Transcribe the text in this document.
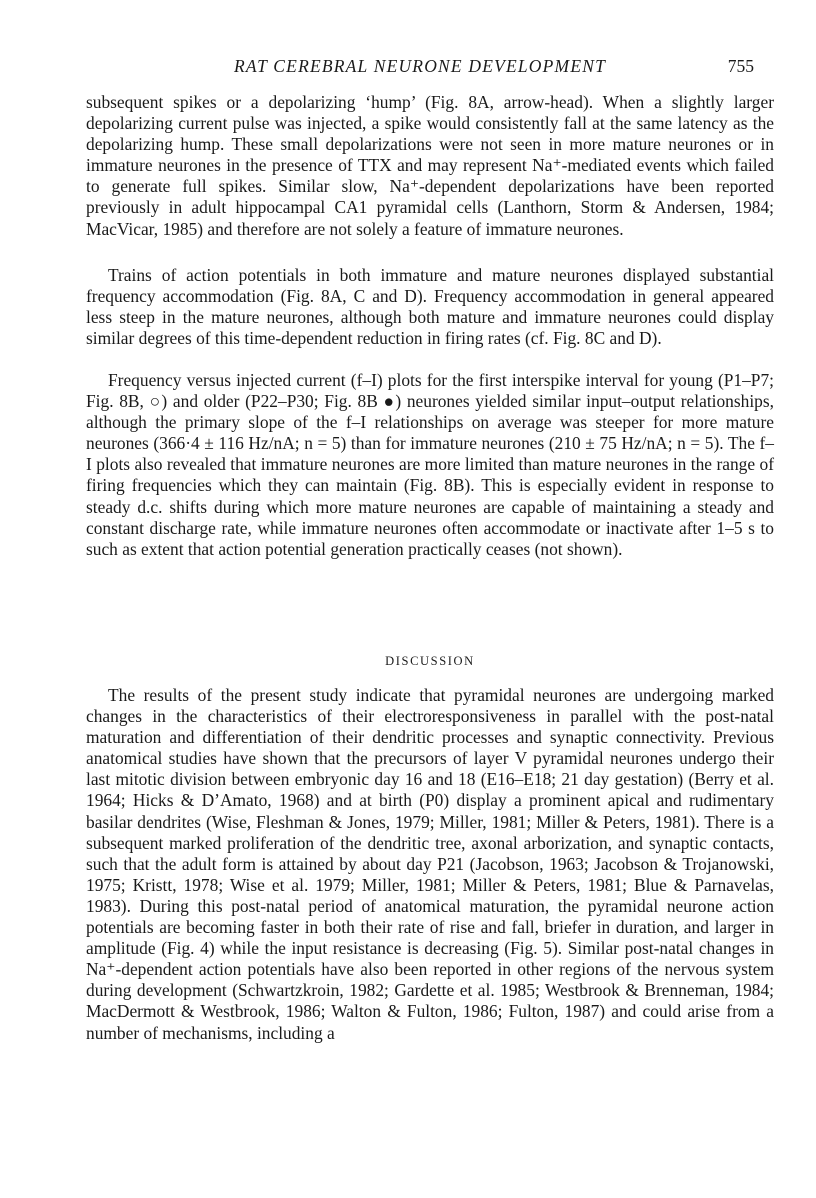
RAT CEREBRAL NEURONE DEVELOPMENT	755

subsequent spikes or a depolarizing ‘hump’ (Fig. 8A, arrow-head). When a slightly larger depolarizing current pulse was injected, a spike would consistently fall at the same latency as the depolarizing hump. These small depolarizations were not seen in more mature neurones or in immature neurones in the presence of TTX and may represent Na⁺-mediated events which failed to generate full spikes. Similar slow, Na⁺-dependent depolarizations have been reported previously in adult hippocampal CA1 pyramidal cells (Lanthorn, Storm & Andersen, 1984; MacVicar, 1985) and therefore are not solely a feature of immature neurones.

Trains of action potentials in both immature and mature neurones displayed substantial frequency accommodation (Fig. 8A, C and D). Frequency accommodation in general appeared less steep in the mature neurones, although both mature and immature neurones could display similar degrees of this time-dependent reduction in firing rates (cf. Fig. 8C and D).

Frequency versus injected current (f–I) plots for the first interspike interval for young (P1–P7; Fig. 8B, ○) and older (P22–P30; Fig. 8B ●) neurones yielded similar input–output relationships, although the primary slope of the f–I relationships on average was steeper for more mature neurones (366·4 ± 116 Hz/nA; n = 5) than for immature neurones (210 ± 75 Hz/nA; n = 5). The f–I plots also revealed that immature neurones are more limited than mature neurones in the range of firing frequencies which they can maintain (Fig. 8B). This is especially evident in response to steady d.c. shifts during which more mature neurones are capable of maintaining a steady and constant discharge rate, while immature neurones often accommodate or inactivate after 1–5 s to such as extent that action potential generation practically ceases (not shown).

DISCUSSION

The results of the present study indicate that pyramidal neurones are undergoing marked changes in the characteristics of their electroresponsiveness in parallel with the post-natal maturation and differentiation of their dendritic processes and synaptic connectivity. Previous anatomical studies have shown that the precursors of layer V pyramidal neurones undergo their last mitotic division between embryonic day 16 and 18 (E16–E18; 21 day gestation) (Berry et al. 1964; Hicks & D’Amato, 1968) and at birth (P0) display a prominent apical and rudimentary basilar dendrites (Wise, Fleshman & Jones, 1979; Miller, 1981; Miller & Peters, 1981). There is a subsequent marked proliferation of the dendritic tree, axonal arborization, and synaptic contacts, such that the adult form is attained by about day P21 (Jacobson, 1963; Jacobson & Trojanowski, 1975; Kristt, 1978; Wise et al. 1979; Miller, 1981; Miller & Peters, 1981; Blue & Parnavelas, 1983). During this post-natal period of anatomical maturation, the pyramidal neurone action potentials are becoming faster in both their rate of rise and fall, briefer in duration, and larger in amplitude (Fig. 4) while the input resistance is decreasing (Fig. 5). Similar post-natal changes in Na⁺-dependent action potentials have also been reported in other regions of the nervous system during development (Schwartzkroin, 1982; Gardette et al. 1985; Westbrook & Brenneman, 1984; MacDermott & Westbrook, 1986; Walton & Fulton, 1986; Fulton, 1987) and could arise from a number of mechanisms, including a
